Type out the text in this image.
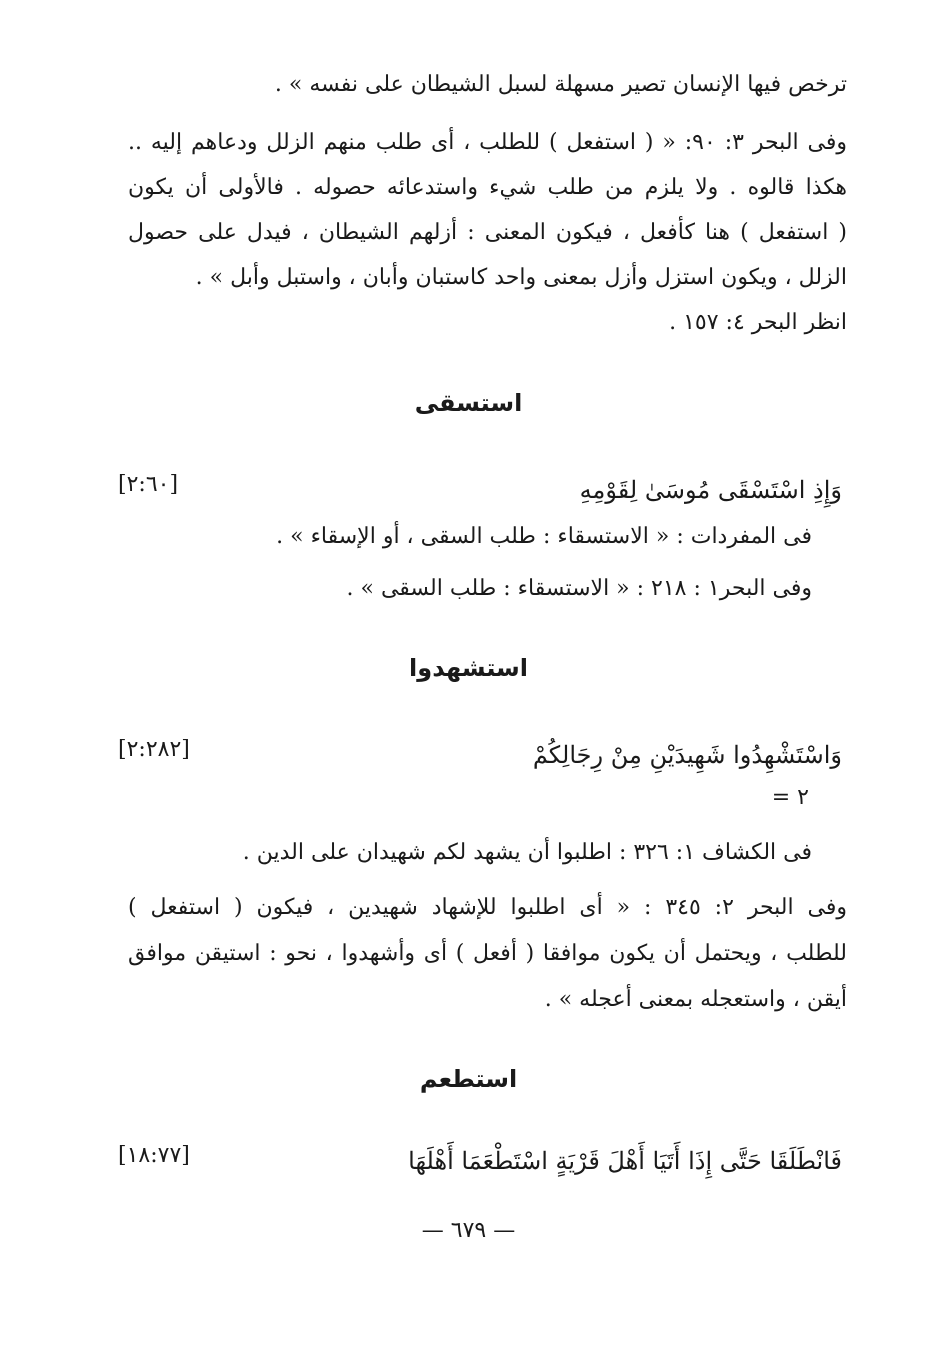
ترخص فيها الإنسان تصير مسهلة لسبل الشيطان على نفسه » .
وفى البحر ٣: ٩٠: « ( استفعل ) للطلب ، أى طلب منهم الزلل ودعاهم إليه ..
هكذا قالوه . ولا يلزم من طلب شيء واستدعائه حصوله . فالأولى أن يكون
( استفعل ) هنا كأفعل ، فيكون المعنى : أزلهم الشيطان ، فيدل على حصول
الزلل ، ويكون استزل وأزل بمعنى واحد كاستبان وأبان ، واستبل وأبل » .
انظر البحر ٤: ١٥٧ .
استسقى
وَإِذِ اسْتَسْقَى مُوسَىٰ لِقَوْمِهِ
[٢:٦٠]
فى المفردات : « الاستسقاء : طلب السقى ، أو الإسقاء » .
وفى البحر١ : ٢١٨ : « الاستسقاء : طلب السقى » .
استشهدوا
وَاسْتَشْهِدُوا شَهِيدَيْنِ مِنْ رِجَالِكُمْ
[٢:٢٨٢]
٢ =
فى الكشاف ١: ٣٢٦ : اطلبوا أن يشهد لكم شهيدان على الدين .
وفى البحر ٢: ٣٤٥ : « أى اطلبوا للإشهاد شهيدين ، فيكون ( استفعل )
للطلب ، ويحتمل أن يكون موافقا ( أفعل ) أى وأشهدوا ، نحو : استيقن موافق
أيقن ، واستعجله بمعنى أعجله » .
استطعم
فَانْطَلَقَا حَتَّى إِذَا أَتَيَا أَهْلَ قَرْيَةٍ اسْتَطْعَمَا أَهْلَهَا
[١٨:٧٧]
— ٦٧٩ —
